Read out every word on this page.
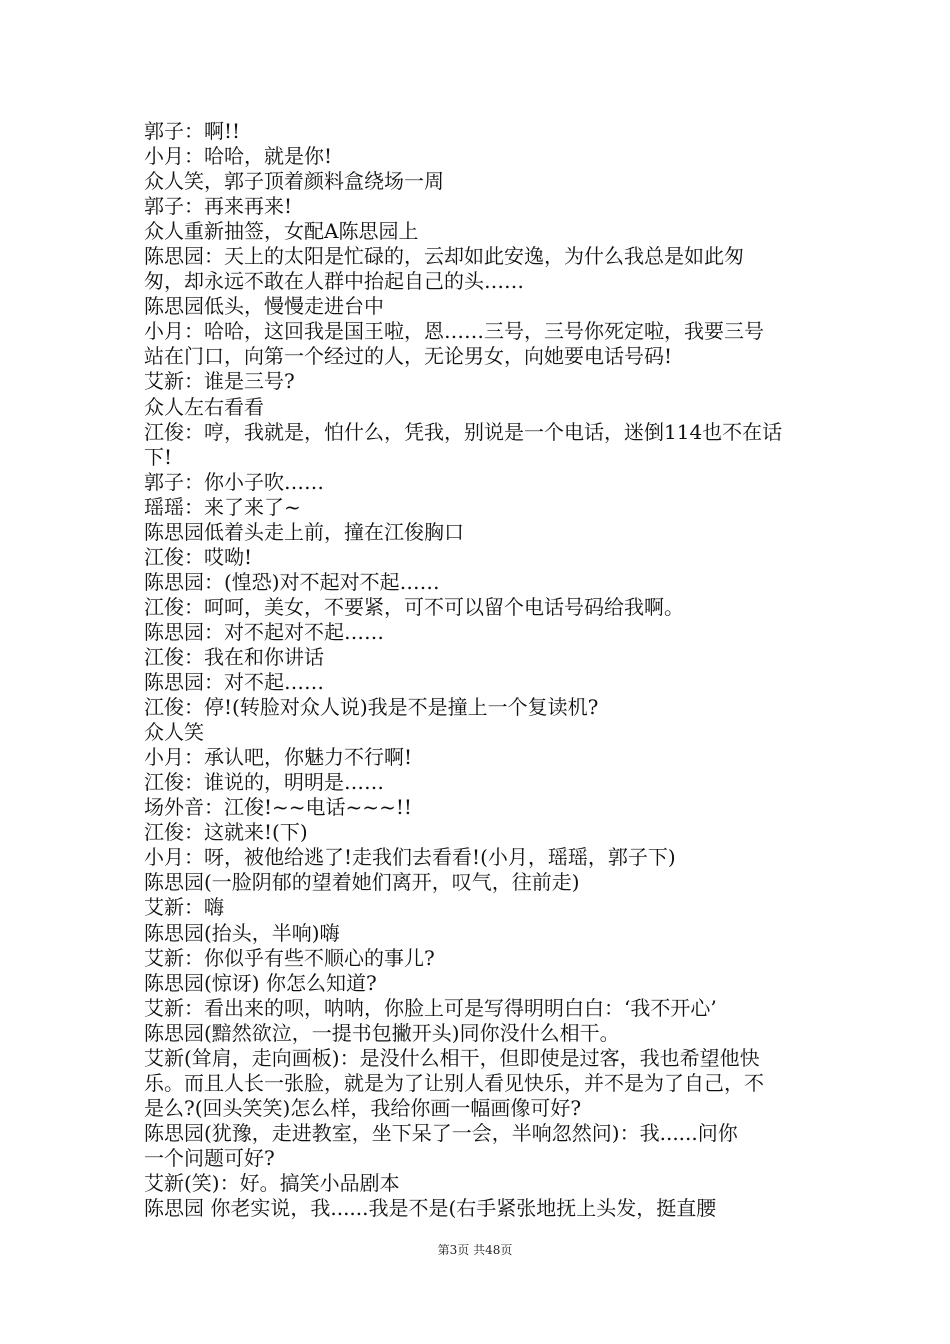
郭子：啊!!
小月：哈哈，就是你!
众人笑，郭子顶着颜料盒绕场一周
郭子：再来再来!
众人重新抽签，女配A陈思园上
陈思园：天上的太阳是忙碌的，云却如此安逸，为什么我总是如此匆
匆，却永远不敢在人群中抬起自己的头……
陈思园低头，慢慢走进台中
小月：哈哈，这回我是国王啦，恩……三号，三号你死定啦，我要三号
站在门口，向第一个经过的人，无论男女，向她要电话号码!
艾新：谁是三号?
众人左右看看
江俊：哼，我就是，怕什么，凭我，别说是一个电话，迷倒114也不在话
下!
郭子：你小子吹……
瑶瑶：来了来了~
陈思园低着头走上前，撞在江俊胸口
江俊：哎呦!
陈思园：(惶恐)对不起对不起……
江俊：呵呵，美女，不要紧，可不可以留个电话号码给我啊。
陈思园：对不起对不起……
江俊：我在和你讲话
陈思园：对不起……
江俊：停!(转脸对众人说)我是不是撞上一个复读机?
众人笑
小月：承认吧，你魅力不行啊!
江俊：谁说的，明明是……
场外音：江俊!~~电话~~~!!
江俊：这就来!(下)
小月：呀，被他给逃了!走我们去看看!(小月，瑶瑶，郭子下)
陈思园(一脸阴郁的望着她们离开，叹气，往前走)
艾新：嗨
陈思园(抬头，半响)嗨
艾新：你似乎有些不顺心的事儿?
陈思园(惊讶) 你怎么知道?
艾新：看出来的呗，呐呐，你脸上可是写得明明白白：‘我不开心’
陈思园(黯然欲泣，一提书包撇开头)同你没什么相干。
艾新(耸肩，走向画板)：是没什么相干，但即使是过客，我也希望他快
乐。而且人长一张脸，就是为了让别人看见快乐，并不是为了自己，不
是么?(回头笑笑)怎么样，我给你画一幅画像可好?
陈思园(犹豫，走进教室，坐下呆了一会，半响忽然问)：我......问你
一个问题可好?
艾新(笑)：好。搞笑小品剧本
陈思园 你老实说，我......我是不是(右手紧张地抚上头发，挺直腰
第3页 共48页
